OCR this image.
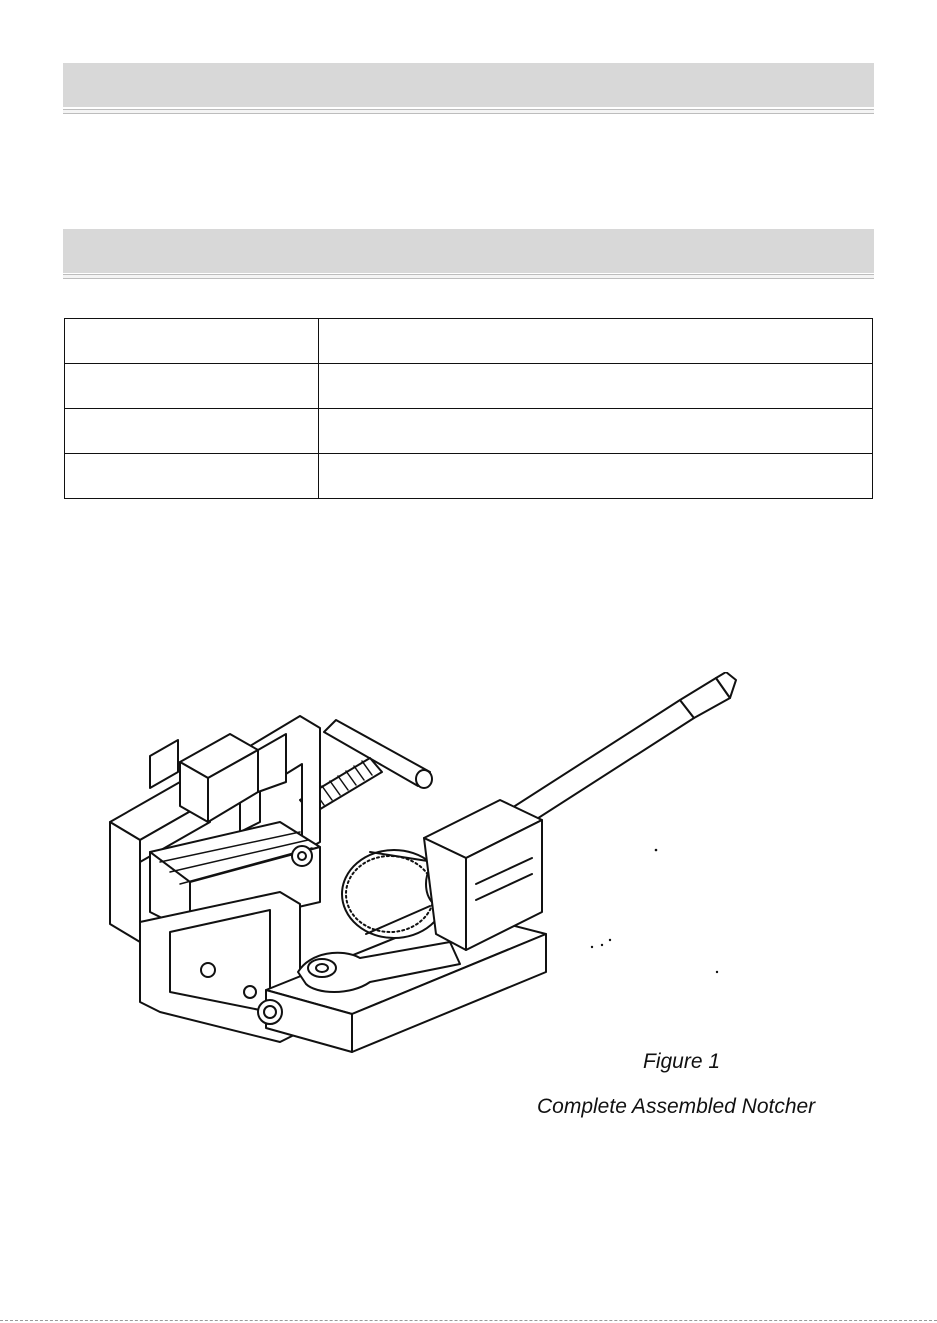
Figure 1
Complete Assembled Notcher
